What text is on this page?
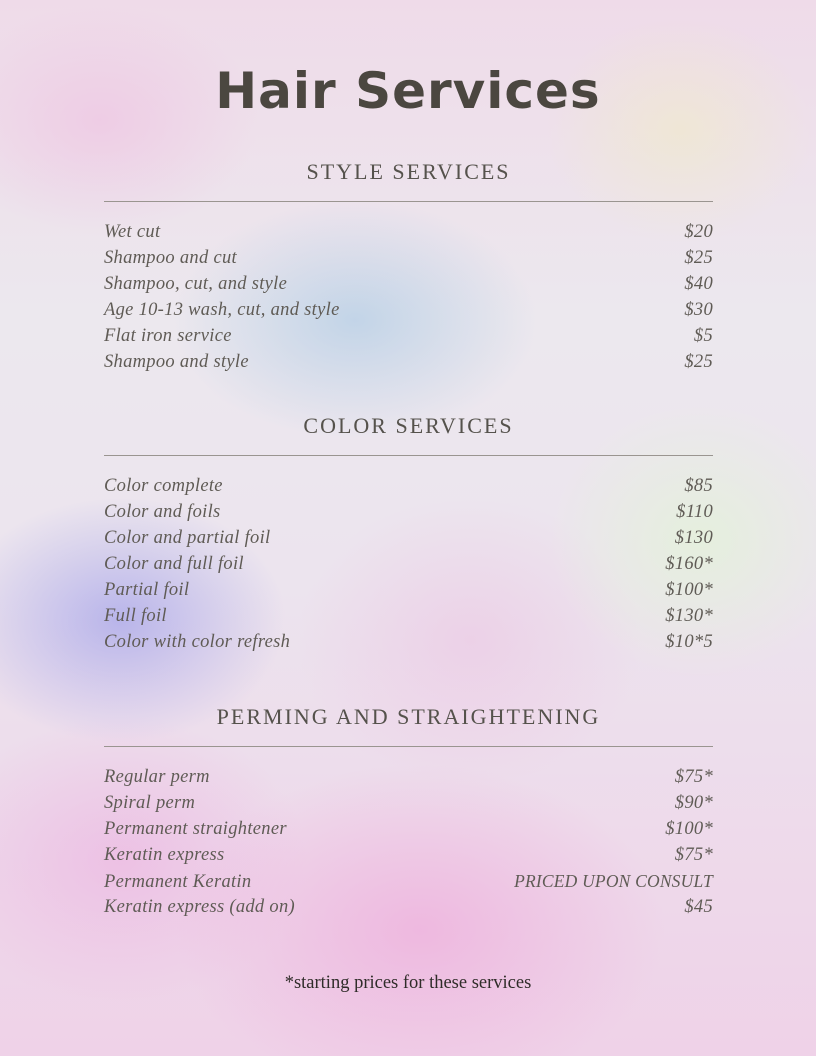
Hair Services
STYLE SERVICES
Wet cut	$20
Shampoo and cut	$25
Shampoo, cut, and style	$40
Age 10-13 wash, cut, and style	$30
Flat iron service	$5
Shampoo and style	$25
COLOR SERVICES
Color complete	$85
Color and foils	$110
Color and partial foil	$130
Color and full foil	$160*
Partial foil	$100*
Full foil	$130*
Color with color refresh	$10*5
PERMING AND STRAIGHTENING
Regular perm	$75*
Spiral perm	$90*
Permanent straightener	$100*
Keratin express	$75*
Permanent Keratin	PRICED UPON CONSULT
Keratin express (add on)	$45
*starting prices for these services
